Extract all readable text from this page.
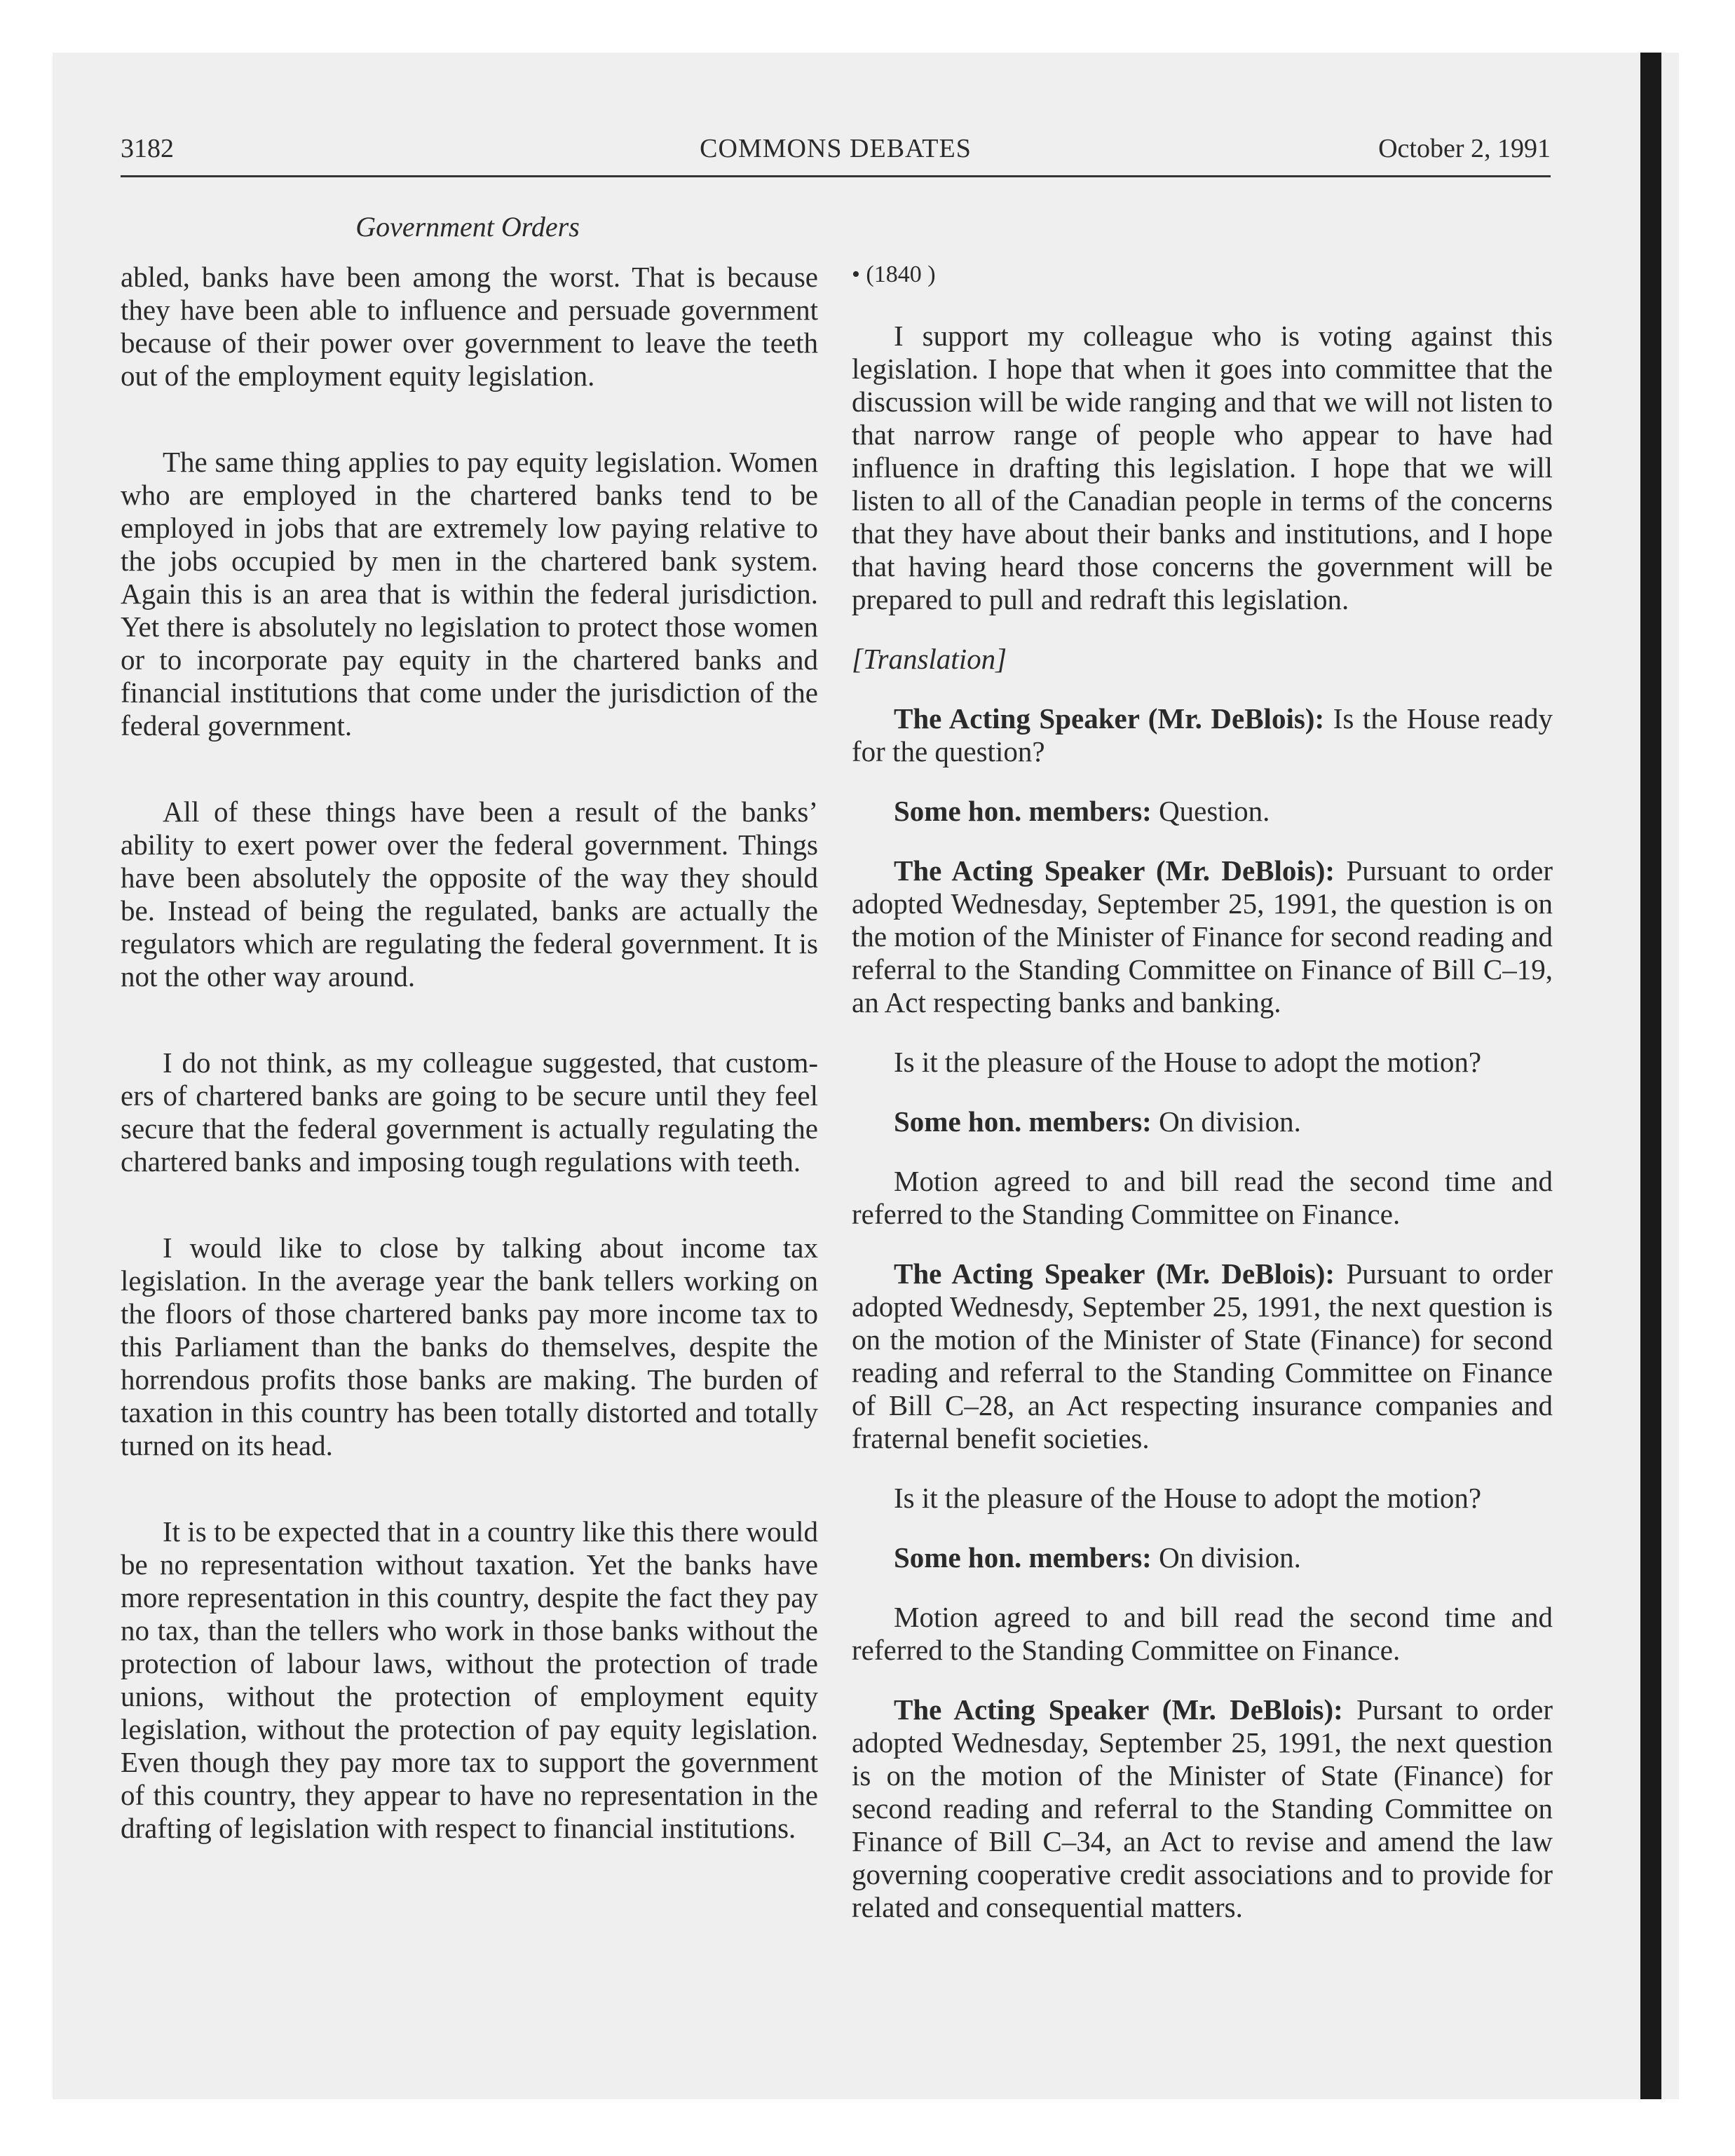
3182	COMMONS DEBATES	October 2, 1991
Government Orders

abled, banks have been among the worst. That is because they have been able to influence and persuade government because of their power over government to leave the teeth out of the employment equity legislation.

The same thing applies to pay equity legislation. Women who are employed in the chartered banks tend to be employed in jobs that are extremely low paying relative to the jobs occupied by men in the chartered bank system. Again this is an area that is within the federal jurisdiction. Yet there is absolutely no legislation to protect those women or to incorporate pay equity in the chartered banks and financial institutions that come under the jurisdiction of the federal government.

All of these things have been a result of the banks’ ability to exert power over the federal government. Things have been absolutely the opposite of the way they should be. Instead of being the regulated, banks are actually the regulators which are regulating the federal government. It is not the other way around.

I do not think, as my colleague suggested, that customers of chartered banks are going to be secure until they feel secure that the federal government is actually regulating the chartered banks and imposing tough regulations with teeth.

I would like to close by talking about income tax legislation. In the average year the bank tellers working on the floors of those chartered banks pay more income tax to this Parliament than the banks do themselves, despite the horrendous profits those banks are making. The burden of taxation in this country has been totally distorted and totally turned on its head.

It is to be expected that in a country like this there would be no representation without taxation. Yet the banks have more representation in this country, despite the fact they pay no tax, than the tellers who work in those banks without the protection of labour laws, without the protection of trade unions, without the protection of employment equity legislation, without the protection of pay equity legislation. Even though they pay more tax to support the government of this country, they appear to have no representation in the drafting of legislation with respect to financial institutions.

• (1840 )

I support my colleague who is voting against this legislation. I hope that when it goes into committee that the discussion will be wide ranging and that we will not listen to that narrow range of people who appear to have had influence in drafting this legislation. I hope that we will listen to all of the Canadian people in terms of the concerns that they have about their banks and institutions, and I hope that having heard those concerns the government will be prepared to pull and redraft this legislation.

[Translation]

The Acting Speaker (Mr. DeBlois): Is the House ready for the question?

Some hon. members: Question.

The Acting Speaker (Mr. DeBlois): Pursuant to order adopted Wednesday, September 25, 1991, the question is on the motion of the Minister of Finance for second reading and referral to the Standing Committee on Finance of Bill C–19, an Act respecting banks and banking.

Is it the pleasure of the House to adopt the motion?

Some hon. members: On division.

Motion agreed to and bill read the second time and referred to the Standing Committee on Finance.

The Acting Speaker (Mr. DeBlois): Pursuant to order adopted Wednesdy, September 25, 1991, the next question is on the motion of the Minister of State (Finance) for second reading and referral to the Standing Committee on Finance of Bill C–28, an Act respecting insurance companies and fraternal benefit societies.

Is it the pleasure of the House to adopt the motion?

Some hon. members: On division.

Motion agreed to and bill read the second time and referred to the Standing Committee on Finance.

The Acting Speaker (Mr. DeBlois): Pursant to order adopted Wednesday, September 25, 1991, the next question is on the motion of the Minister of State (Finance) for second reading and referral to the Standing Committee on Finance of Bill C–34, an Act to revise and amend the law governing cooperative credit associations and to provide for related and consequential matters.
